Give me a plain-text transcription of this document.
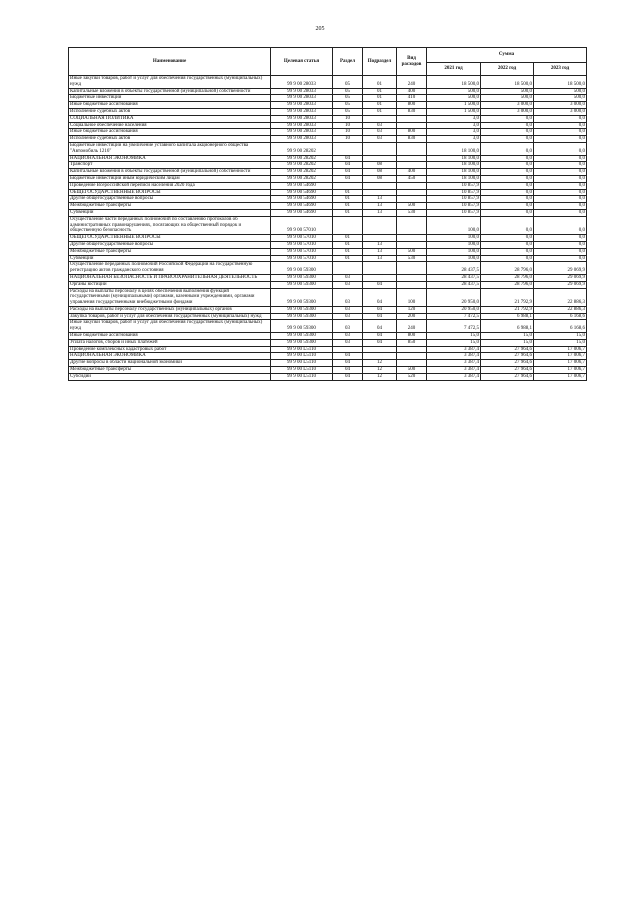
205
Наименование	Целевая статья	Раздел	Подраздел	Вид расходов	Сумма		
					2021 год	2022 год	2023 год
Иные закупки товаров, работ и услуг для обеспечения государственных (муниципальных) нужд	99 9 00 28033	05	01	240	18 500,0	18 500,0	18 500,0
Капитальные вложения в объекты государственной (муниципальной) собственности	99 9 00 28033	05	01	400	500,0	500,0	500,0
Бюджетные инвестиции	99 9 00 28033	05	01	410	500,0	500,0	500,0
Иные бюджетные ассигнования	99 9 00 28033	05	01	800	1 500,0	3 000,0	3 000,0
Исполнение судебных актов	99 9 00 28033	05	01	830	1 500,0	3 000,0	3 000,0
СОЦИАЛЬНАЯ ПОЛИТИКА	99 9 00 28033	10			3,0	0,0	0,0
Социальное обеспечение населения	99 9 00 28033	10	03		3,0	0,0	0,0
Иные бюджетные ассигнования	99 9 00 28033	10	03	800	3,0	0,0	0,0
Исполнение судебных актов	99 9 00 28033	10	03	830	3,0	0,0	0,0
Бюджетные инвестиции на увеличение уставного капитала акционерного общества "Автомобиль 1216"	99 9 00 28202				18 100,0	0,0	0,0
НАЦИОНАЛЬНАЯ ЭКОНОМИКА	99 9 00 28202	04			18 100,0	0,0	0,0
Транспорт	99 9 00 28202	04	08		18 100,0	0,0	0,0
Капитальные вложения в объекты государственной (муниципальной) собственности	99 9 00 28202	04	08	400	18 100,0	0,0	0,0
Бюджетные инвестиции иным юридическим лицам	99 9 00 28202	04	08	450	18 100,0	0,0	0,0
Проведение Всероссийской переписи населения 2020 года	99 9 00 54690				10 857,9	0,0	0,0
ОБЩЕГОСУДАРСТВЕННЫЕ ВОПРОСЫ	99 9 00 54690	01			10 857,9	0,0	0,0
Другие общегосударственные вопросы	99 9 00 54690	01	13		10 857,9	0,0	0,0
Межбюджетные трансферты	99 9 00 54690	01	13	500	10 857,9	0,0	0,0
Субвенции	99 9 00 54690	01	13	530	10 857,9	0,0	0,0
Осуществление части переданных полномочий по составлению протоколов об административных правонарушениях, посягающих на общественный порядок и общественную безопасность	99 9 00 57010				100,0	0,0	0,0
ОБЩЕГОСУДАРСТВЕННЫЕ ВОПРОСЫ	99 9 00 57010	01			100,0	0,0	0,0
Другие общегосударственные вопросы	99 9 00 57010	01	13		100,0	0,0	0,0
Межбюджетные трансферты	99 9 00 57010	01	13	500	100,0	0,0	0,0
Субвенции	99 9 00 57010	01	13	530	100,0	0,0	0,0
Осуществление переданных полномочий Российской Федерации на государственную регистрацию актов гражданского состояния	99 9 00 59300				28 437,5	28 796,0	29 069,9
НАЦИОНАЛЬНАЯ БЕЗОПАСНОСТЬ И ПРАВООХРАНИТЕЛЬНАЯ ДЕЯТЕЛЬНОСТЬ	99 9 00 59300	03			28 437,5	28 796,0	29 069,9
Органы юстиции	99 9 00 59300	03	04		28 437,5	28 796,0	29 069,9
Расходы на выплаты персоналу в целях обеспечения выполнения функций государственными (муниципальными) органами, казенными учреждениями, органами управления государственными внебюджетными фондами	99 9 00 59300	03	04	100	20 950,0	21 792,9	22 886,3
Расходы на выплаты персоналу государственных (муниципальных) органов	99 9 00 59300	03	04	120	20 950,0	21 792,9	22 886,3
Закупка товаров, работ и услуг для обеспечения государственных (муниципальных) нужд	99 9 00 59300	03	04	200	7 472,5	6 988,1	6 168,6
Иные закупки товаров, работ и услуг для обеспечения государственных (муниципальных) нужд	99 9 00 59300	03	04	240	7 472,5	6 988,1	6 168,6
Иные бюджетные ассигнования	99 9 00 59300	03	04	800	15,0	15,0	15,0
Уплата налогов, сборов и иных платежей	99 9 00 59300	03	04	850	15,0	15,0	15,0
Проведение комплексных кадастровых работ	99 9 00 L5110				3 387,4	27 964,6	17 006,7
НАЦИОНАЛЬНАЯ ЭКОНОМИКА	99 9 00 L5110	04			3 387,4	27 964,6	17 006,7
Другие вопросы в области национальной экономики	99 9 00 L5110	04	12		3 387,4	27 964,6	17 006,7
Межбюджетные трансферты	99 9 00 L5110	04	12	500	3 387,4	27 964,6	17 006,7
Субсидии	99 9 00 L5110	04	12	520	3 387,4	27 964,6	17 006,7
